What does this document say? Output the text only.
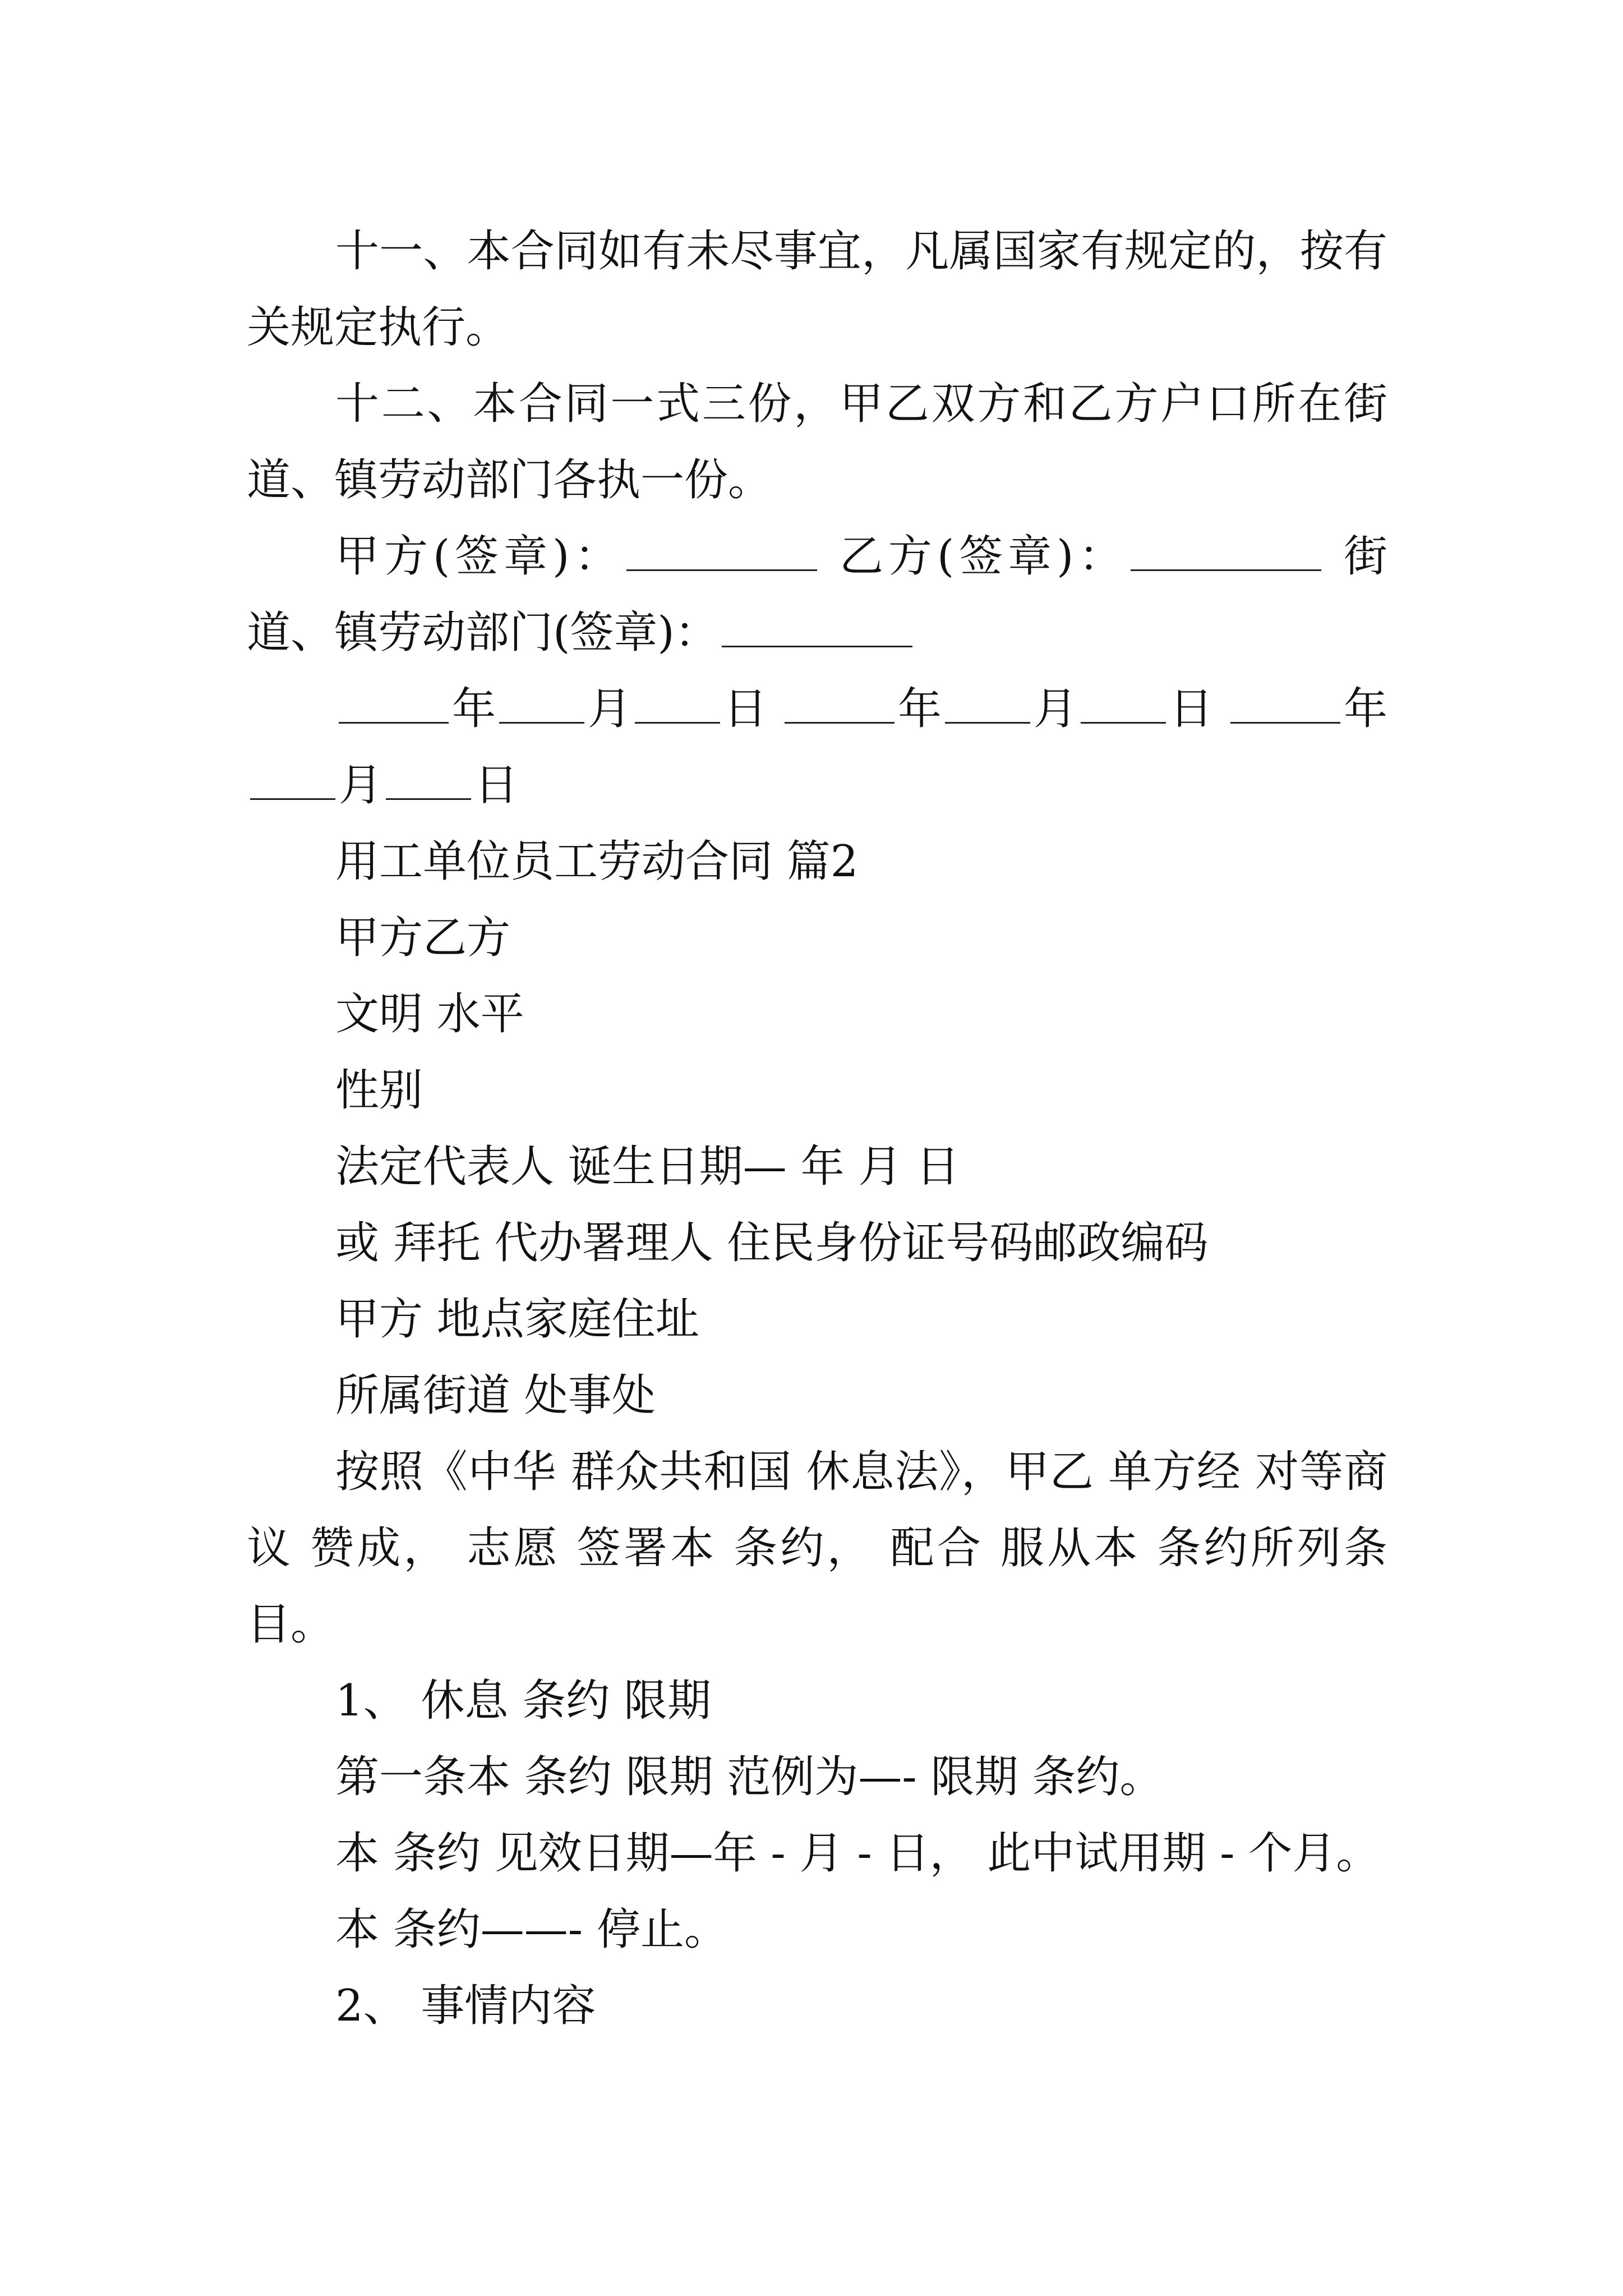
十一、本合同如有未尽事宜，凡属国家有规定的，按有关规定执行。

十二、本合同一式三份，甲乙双方和乙方户口所在街道、镇劳动部门各执一份。

甲方(签章)：	乙方(签章)：	街道、镇劳动部门(签章)：

年 月 日	年 月 日	年月 日

用工单位员工劳动合同 篇2

甲方乙方

文明 水平

性别

法定代表人 诞生日期— 年 月 日

或 拜托 代办署理人 住民身份证号码邮政编码

甲方 地点家庭住址

所属街道 处事处

按照《中华 群众共和国 休息法》，甲乙 单方经 对等商议 赞成， 志愿 签署本 条约， 配合 服从本 条约所列条目。

1、 休息 条约 限期

第一条本 条约 限期 范例为—- 限期 条约。

本 条约 见效日期—年 - 月 - 日， 此中试用期 - 个月。

本 条约——- 停止。

2、 事情内容
